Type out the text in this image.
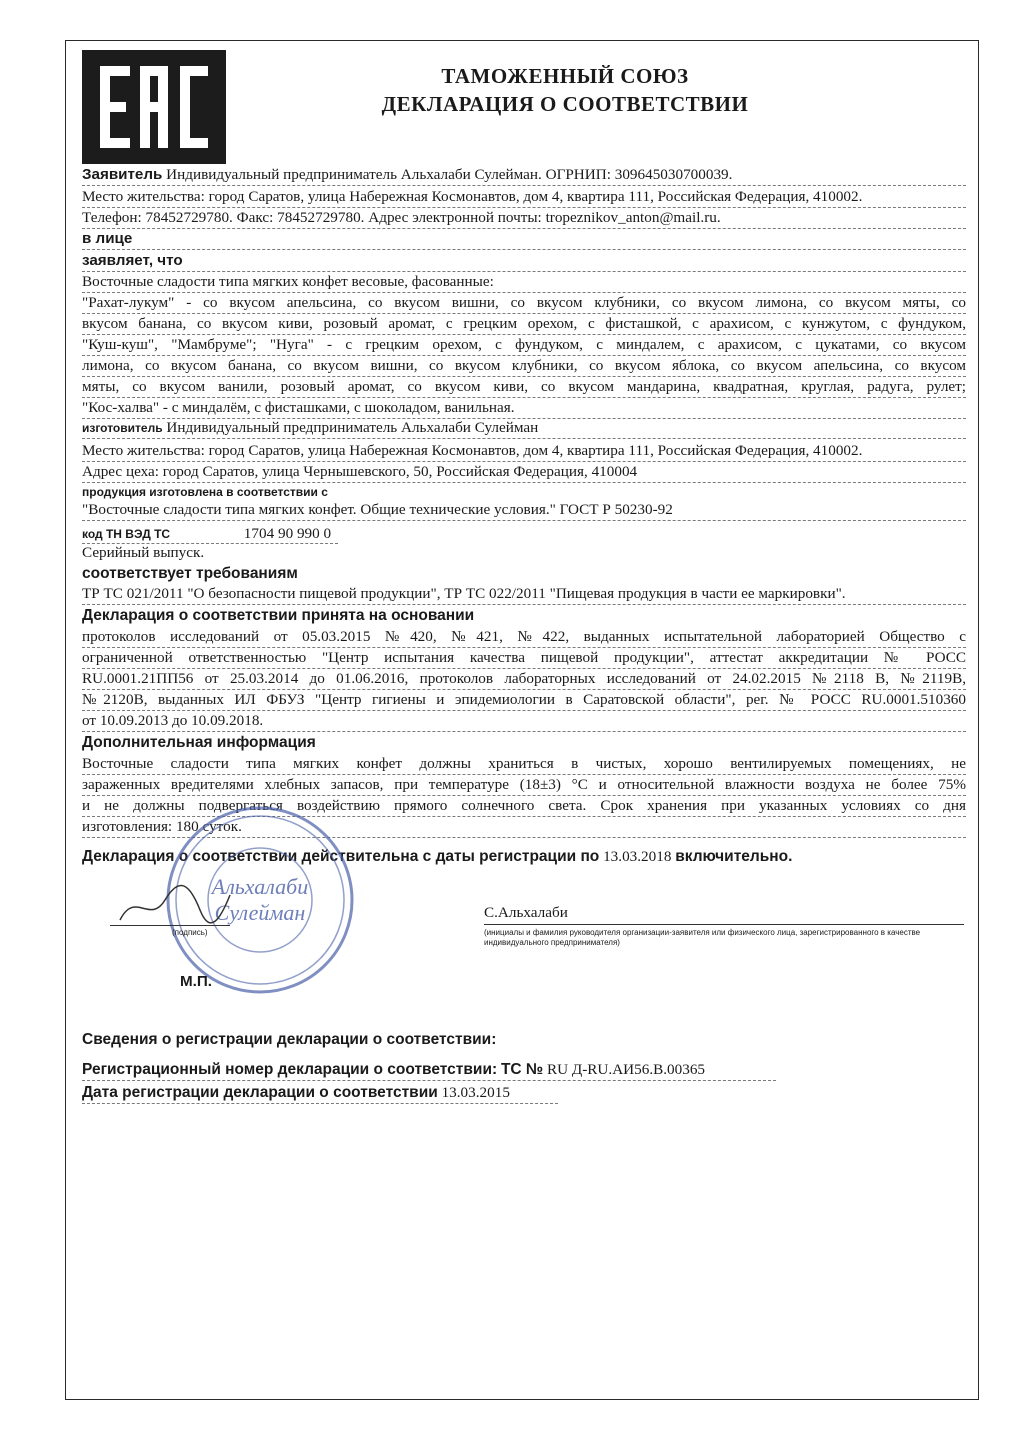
ТАМОЖЕННЫЙ СОЮЗ
ДЕКЛАРАЦИЯ О СООТВЕТСТВИИ
Заявитель Индивидуальный предприниматель Альхалаби Сулейман. ОГРНИП: 309645030700039.
Место жительства: город Саратов, улица Набережная Космонавтов, дом 4, квартира 111, Российская Федерация, 410002.
Телефон: 78452729780. Факс: 78452729780. Адрес электронной почты: tropeznikov_anton@mail.ru.
в лице
заявляет, что
Восточные сладости типа мягких конфет весовые, фасованные:
"Рахат-лукум" - со вкусом апельсина, со вкусом вишни, со вкусом клубники, со вкусом лимона, со вкусом мяты, со
вкусом банана, со вкусом киви, розовый аромат, с грецким орехом, с фисташкой, с арахисом, с кунжутом, с фундуком,
"Куш-куш", "Мамбруме"; "Нуга" - с грецким орехом, с фундуком, с миндалем, с арахисом, с цукатами, со вкусом
лимона, со вкусом банана, со вкусом вишни, со вкусом клубники, со вкусом яблока, со вкусом апельсина, со вкусом
мяты, со вкусом ванили, розовый аромат, со вкусом киви, со вкусом мандарина, квадратная, круглая, радуга, рулет;
"Кос-халва" - с миндалём, с фисташками, с шоколадом, ванильная.
изготовитель Индивидуальный предприниматель Альхалаби Сулейман
Место жительства: город Саратов, улица Набережная Космонавтов, дом 4, квартира 111, Российская Федерация, 410002.
Адрес цеха: город Саратов, улица Чернышевского, 50, Российская Федерация, 410004
продукция изготовлена в соответствии с
"Восточные сладости типа мягких конфет. Общие технические условия." ГОСТ Р 50230-92
код ТН ВЭД ТС	1704 90 990 0
Серийный выпуск.
соответствует требованиям
ТР ТС 021/2011 "О безопасности пищевой продукции", ТР ТС 022/2011 "Пищевая продукция в части ее маркировки".
Декларация о соответствии принята на основании
протоколов исследований от 05.03.2015 №420, №421, №422, выданных испытательной лабораторией Общество с
ограниченной ответственностью "Центр испытания качества пищевой продукции", аттестат аккредитации № РОСС
RU.0001.21ПП56 от 25.03.2014 до 01.06.2016, протоколов лабораторных исследований от 24.02.2015 №2118 В, №2119В,
№2120В, выданных ИЛ ФБУЗ "Центр гигиены и эпидемиологии в Саратовской области", рег. № РОСС RU.0001.510360
от 10.09.2013 до 10.09.2018.
Дополнительная информация
Восточные сладости типа мягких конфет должны храниться в чистых, хорошо вентилируемых помещениях, не
зараженных вредителями хлебных запасов, при температуре (18±3) °С и относительной влажности воздуха не более 75%
и не должны подвергаться воздействию прямого солнечного света. Срок хранения при указанных условиях со дня
изготовления: 180 суток.
Декларация о соответствии действительна с даты регистрации по 13.03.2018 включительно.
Альхалаби
Сулейман
(подпись)
С.Альхалаби
(инициалы и фамилия руководителя организации-заявителя или физического лица, зарегистрированного в качестве
индивидуального предпринимателя)
М.П.
Сведения о регистрации декларации о соответствии:
Регистрационный номер декларации о соответствии: ТС № RU Д-RU.АИ56.В.00365
Дата регистрации декларации о соответствии 13.03.2015
